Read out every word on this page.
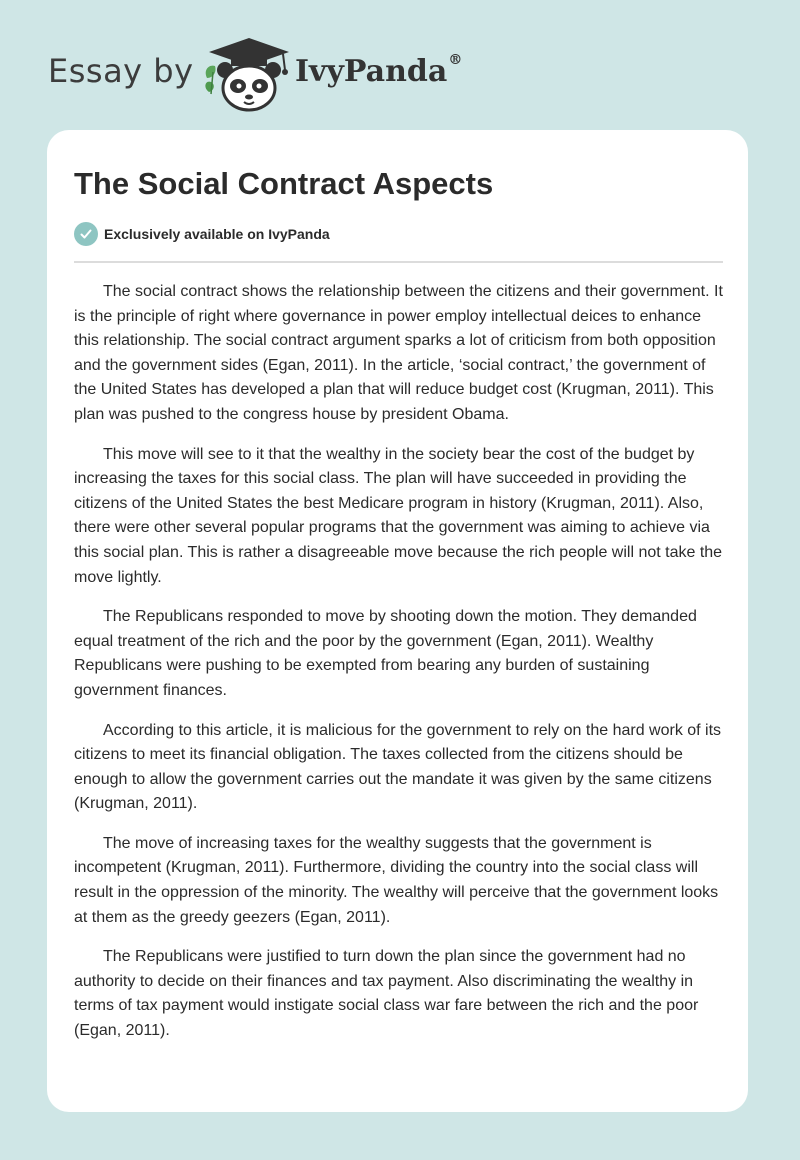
Essay by	IvyPanda®
The Social Contract Aspects
Exclusively available on IvyPanda

The social contract shows the relationship between the citizens and their government. It is the principle of right where governance in power employ intellectual deices to enhance this relationship. The social contract argument sparks a lot of criticism from both opposition and the government sides (Egan, 2011). In the article, ‘social contract,’ the government of the United States has developed a plan that will reduce budget cost (Krugman, 2011). This plan was pushed to the congress house by president Obama.

This move will see to it that the wealthy in the society bear the cost of the budget by increasing the taxes for this social class. The plan will have succeeded in providing the citizens of the United States the best Medicare program in history (Krugman, 2011). Also, there were other several popular programs that the government was aiming to achieve via this social plan. This is rather a disagreeable move because the rich people will not take the move lightly.

The Republicans responded to move by shooting down the motion. They demanded equal treatment of the rich and the poor by the government (Egan, 2011). Wealthy Republicans were pushing to be exempted from bearing any burden of sustaining government finances.

According to this article, it is malicious for the government to rely on the hard work of its citizens to meet its financial obligation. The taxes collected from the citizens should be enough to allow the government carries out the mandate it was given by the same citizens (Krugman, 2011).

The move of increasing taxes for the wealthy suggests that the government is incompetent (Krugman, 2011). Furthermore, dividing the country into the social class will result in the oppression of the minority. The wealthy will perceive that the government looks at them as the greedy geezers (Egan, 2011).

The Republicans were justified to turn down the plan since the government had no authority to decide on their finances and tax payment. Also discriminating the wealthy in terms of tax payment would instigate social class war fare between the rich and the poor (Egan, 2011).
